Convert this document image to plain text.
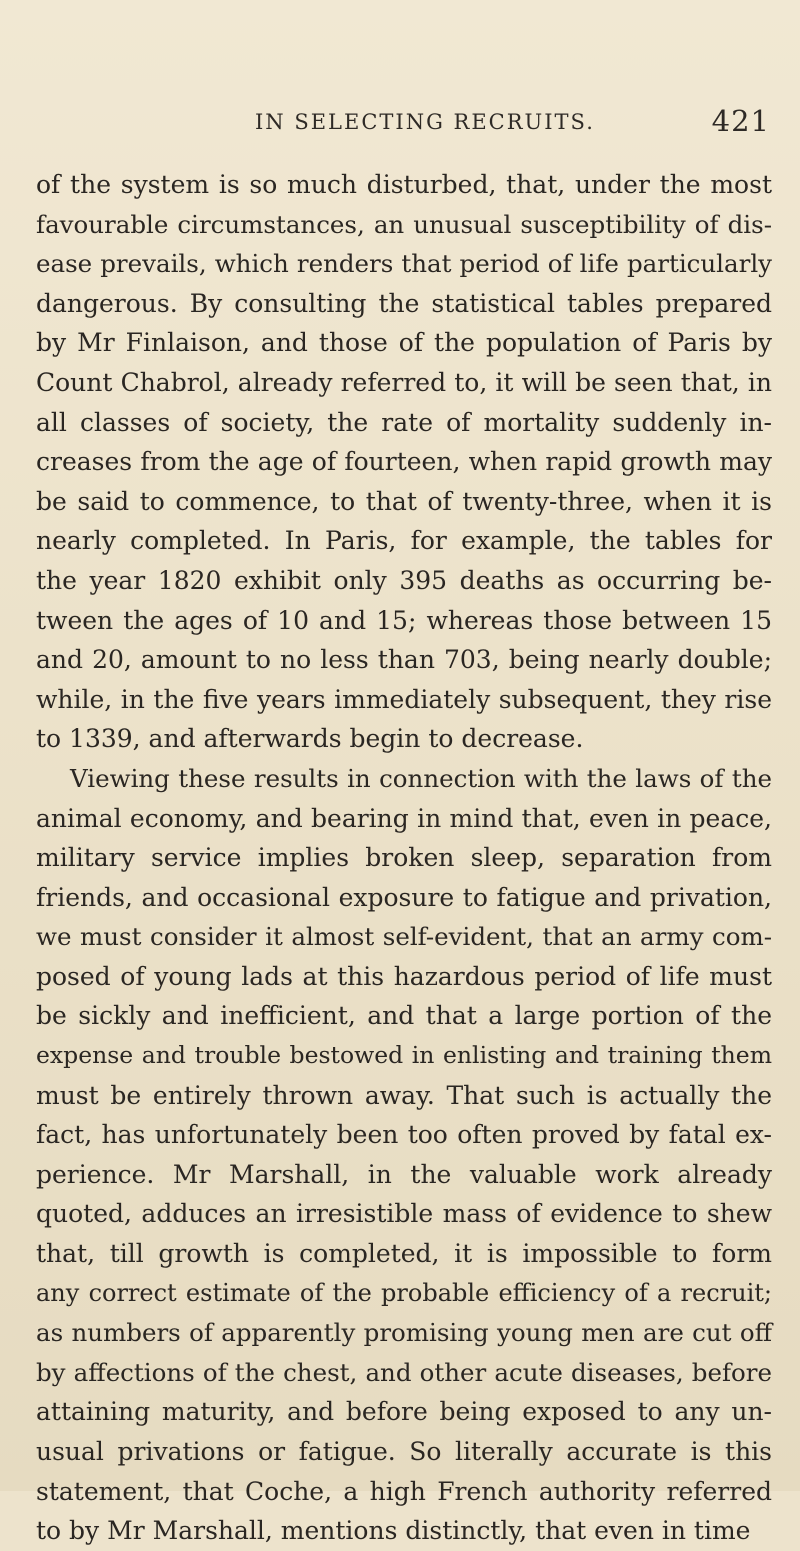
IN SELECTING RECRUITS.	421
of the system is so much disturbed, that, under the most
favourable circumstances, an unusual susceptibility of dis-
ease prevails, which renders that period of life particularly
dangerous. By consulting the statistical tables prepared
by Mr Finlaison, and those of the population of Paris by
Count Chabrol, already referred to, it will be seen that, in
all classes of society, the rate of mortality suddenly in-
creases from the age of fourteen, when rapid growth may
be said to commence, to that of twenty-three, when it is
nearly completed. In Paris, for example, the tables for
the year 1820 exhibit only 395 deaths as occurring be-
tween the ages of 10 and 15; whereas those between 15
and 20, amount to no less than 703, being nearly double;
while, in the five years immediately subsequent, they rise
to 1339, and afterwards begin to decrease.
Viewing these results in connection with the laws of the
animal economy, and bearing in mind that, even in peace,
military service implies broken sleep, separation from
friends, and occasional exposure to fatigue and privation,
we must consider it almost self-evident, that an army com-
posed of young lads at this hazardous period of life must
be sickly and inefficient, and that a large portion of the
expense and trouble bestowed in enlisting and training them
must be entirely thrown away. That such is actually the
fact, has unfortunately been too often proved by fatal ex-
perience. Mr Marshall, in the valuable work already
quoted, adduces an irresistible mass of evidence to shew
that, till growth is completed, it is impossible to form
any correct estimate of the probable efficiency of a recruit;
as numbers of apparently promising young men are cut off
by affections of the chest, and other acute diseases, before
attaining maturity, and before being exposed to any un-
usual privations or fatigue. So literally accurate is this
statement, that Coche, a high French authority referred
to by Mr Marshall, mentions distinctly, that even in time
